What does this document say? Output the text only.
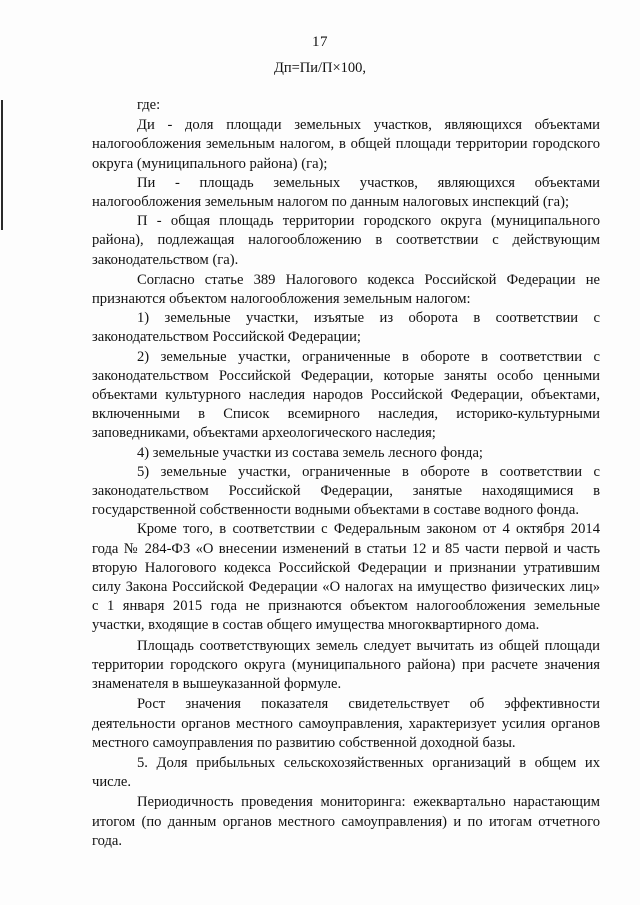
17
Дп=Пи/П×100,

где:

Ди - доля площади земельных участков, являющихся объектами налогообложения земельным налогом, в общей площади территории городского округа (муниципального района) (га);

Пи - площадь земельных участков, являющихся объектами налогообложения земельным налогом по данным налоговых инспекций (га);

П - общая площадь территории городского округа (муниципального района), подлежащая налогообложению в соответствии с действующим законодательством (га).

Согласно статье 389 Налогового кодекса Российской Федерации не признаются объектом налогообложения земельным налогом:

1) земельные участки, изъятые из оборота в соответствии с законодательством Российской Федерации;

2) земельные участки, ограниченные в обороте в соответствии с законодательством Российской Федерации, которые заняты особо ценными объектами культурного наследия народов Российской Федерации, объектами, включенными в Список всемирного наследия, историко-культурными заповедниками, объектами археологического наследия;

4) земельные участки из состава земель лесного фонда;

5) земельные участки, ограниченные в обороте в соответствии с законодательством Российской Федерации, занятые находящимися в государственной собственности водными объектами в составе водного фонда.

Кроме того, в соответствии с Федеральным законом от 4 октября 2014 года № 284-ФЗ «О внесении изменений в статьи 12 и 85 части первой и часть вторую Налогового кодекса Российской Федерации и признании утратившим силу Закона Российской Федерации «О налогах на имущество физических лиц» с 1 января 2015 года не признаются объектом налогообложения земельные участки, входящие в состав общего имущества многоквартирного дома.

Площадь соответствующих земель следует вычитать из общей площади территории городского округа (муниципального района) при расчете значения знаменателя в вышеуказанной формуле.

Рост значения показателя свидетельствует об эффективности деятельности органов местного самоуправления, характеризует усилия органов местного самоуправления по развитию собственной доходной базы.

5. Доля прибыльных сельскохозяйственных организаций в общем их числе.

Периодичность проведения мониторинга: ежеквартально нарастающим итогом (по данным органов местного самоуправления) и по итогам отчетного года.
